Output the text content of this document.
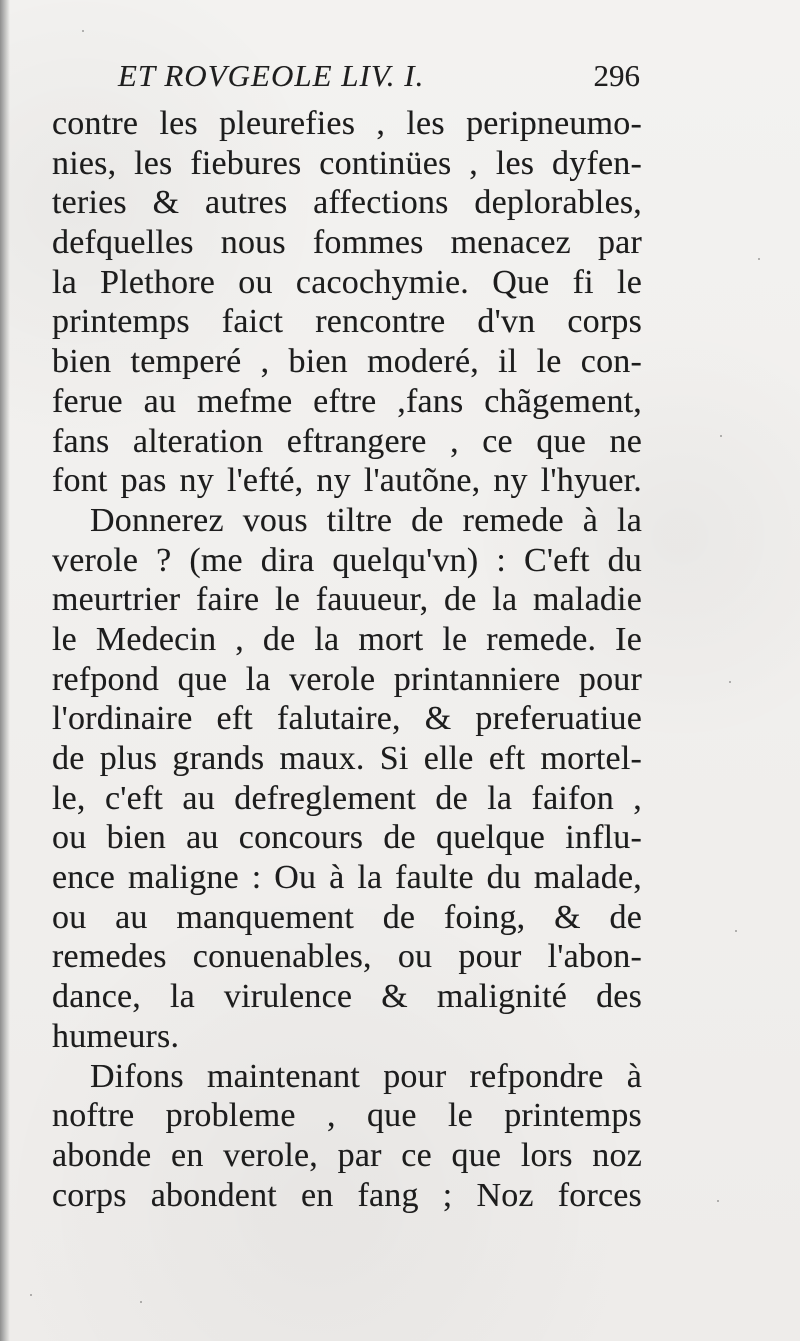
ET ROVGEOLE LIV. I.	296
contre les pleurefies , les peripneumo-
nies, les fiebures continües , les dyfen-
teries & autres affections deplorables,
defquelles nous fommes menacez par
la Plethore ou cacochymie. Que fi le
printemps faict rencontre d'vn corps
bien temperé , bien moderé, il le con-
ferue au mefme eftre ,fans chãgement,
fans alteration eftrangere , ce que ne
font pas ny l'efté, ny l'autõne, ny l'hyuer.
Donnerez vous tiltre de remede à la
verole ? (me dira quelqu'vn) : C'eft du
meurtrier faire le fauueur, de la maladie
le Medecin , de la mort le remede. Ie
refpond que la verole printanniere pour
l'ordinaire eft falutaire, & preferuatiue
de plus grands maux. Si elle eft mortel-
le, c'eft au defreglement de la faifon ,
ou bien au concours de quelque influ-
ence maligne : Ou à la faulte du malade,
ou au manquement de foing, & de
remedes conuenables, ou pour l'abon-
dance, la virulence & malignité des
humeurs.
Difons maintenant pour refpondre à
noftre probleme , que le printemps
abonde en verole, par ce que lors noz
corps abondent en fang ; Noz forces
